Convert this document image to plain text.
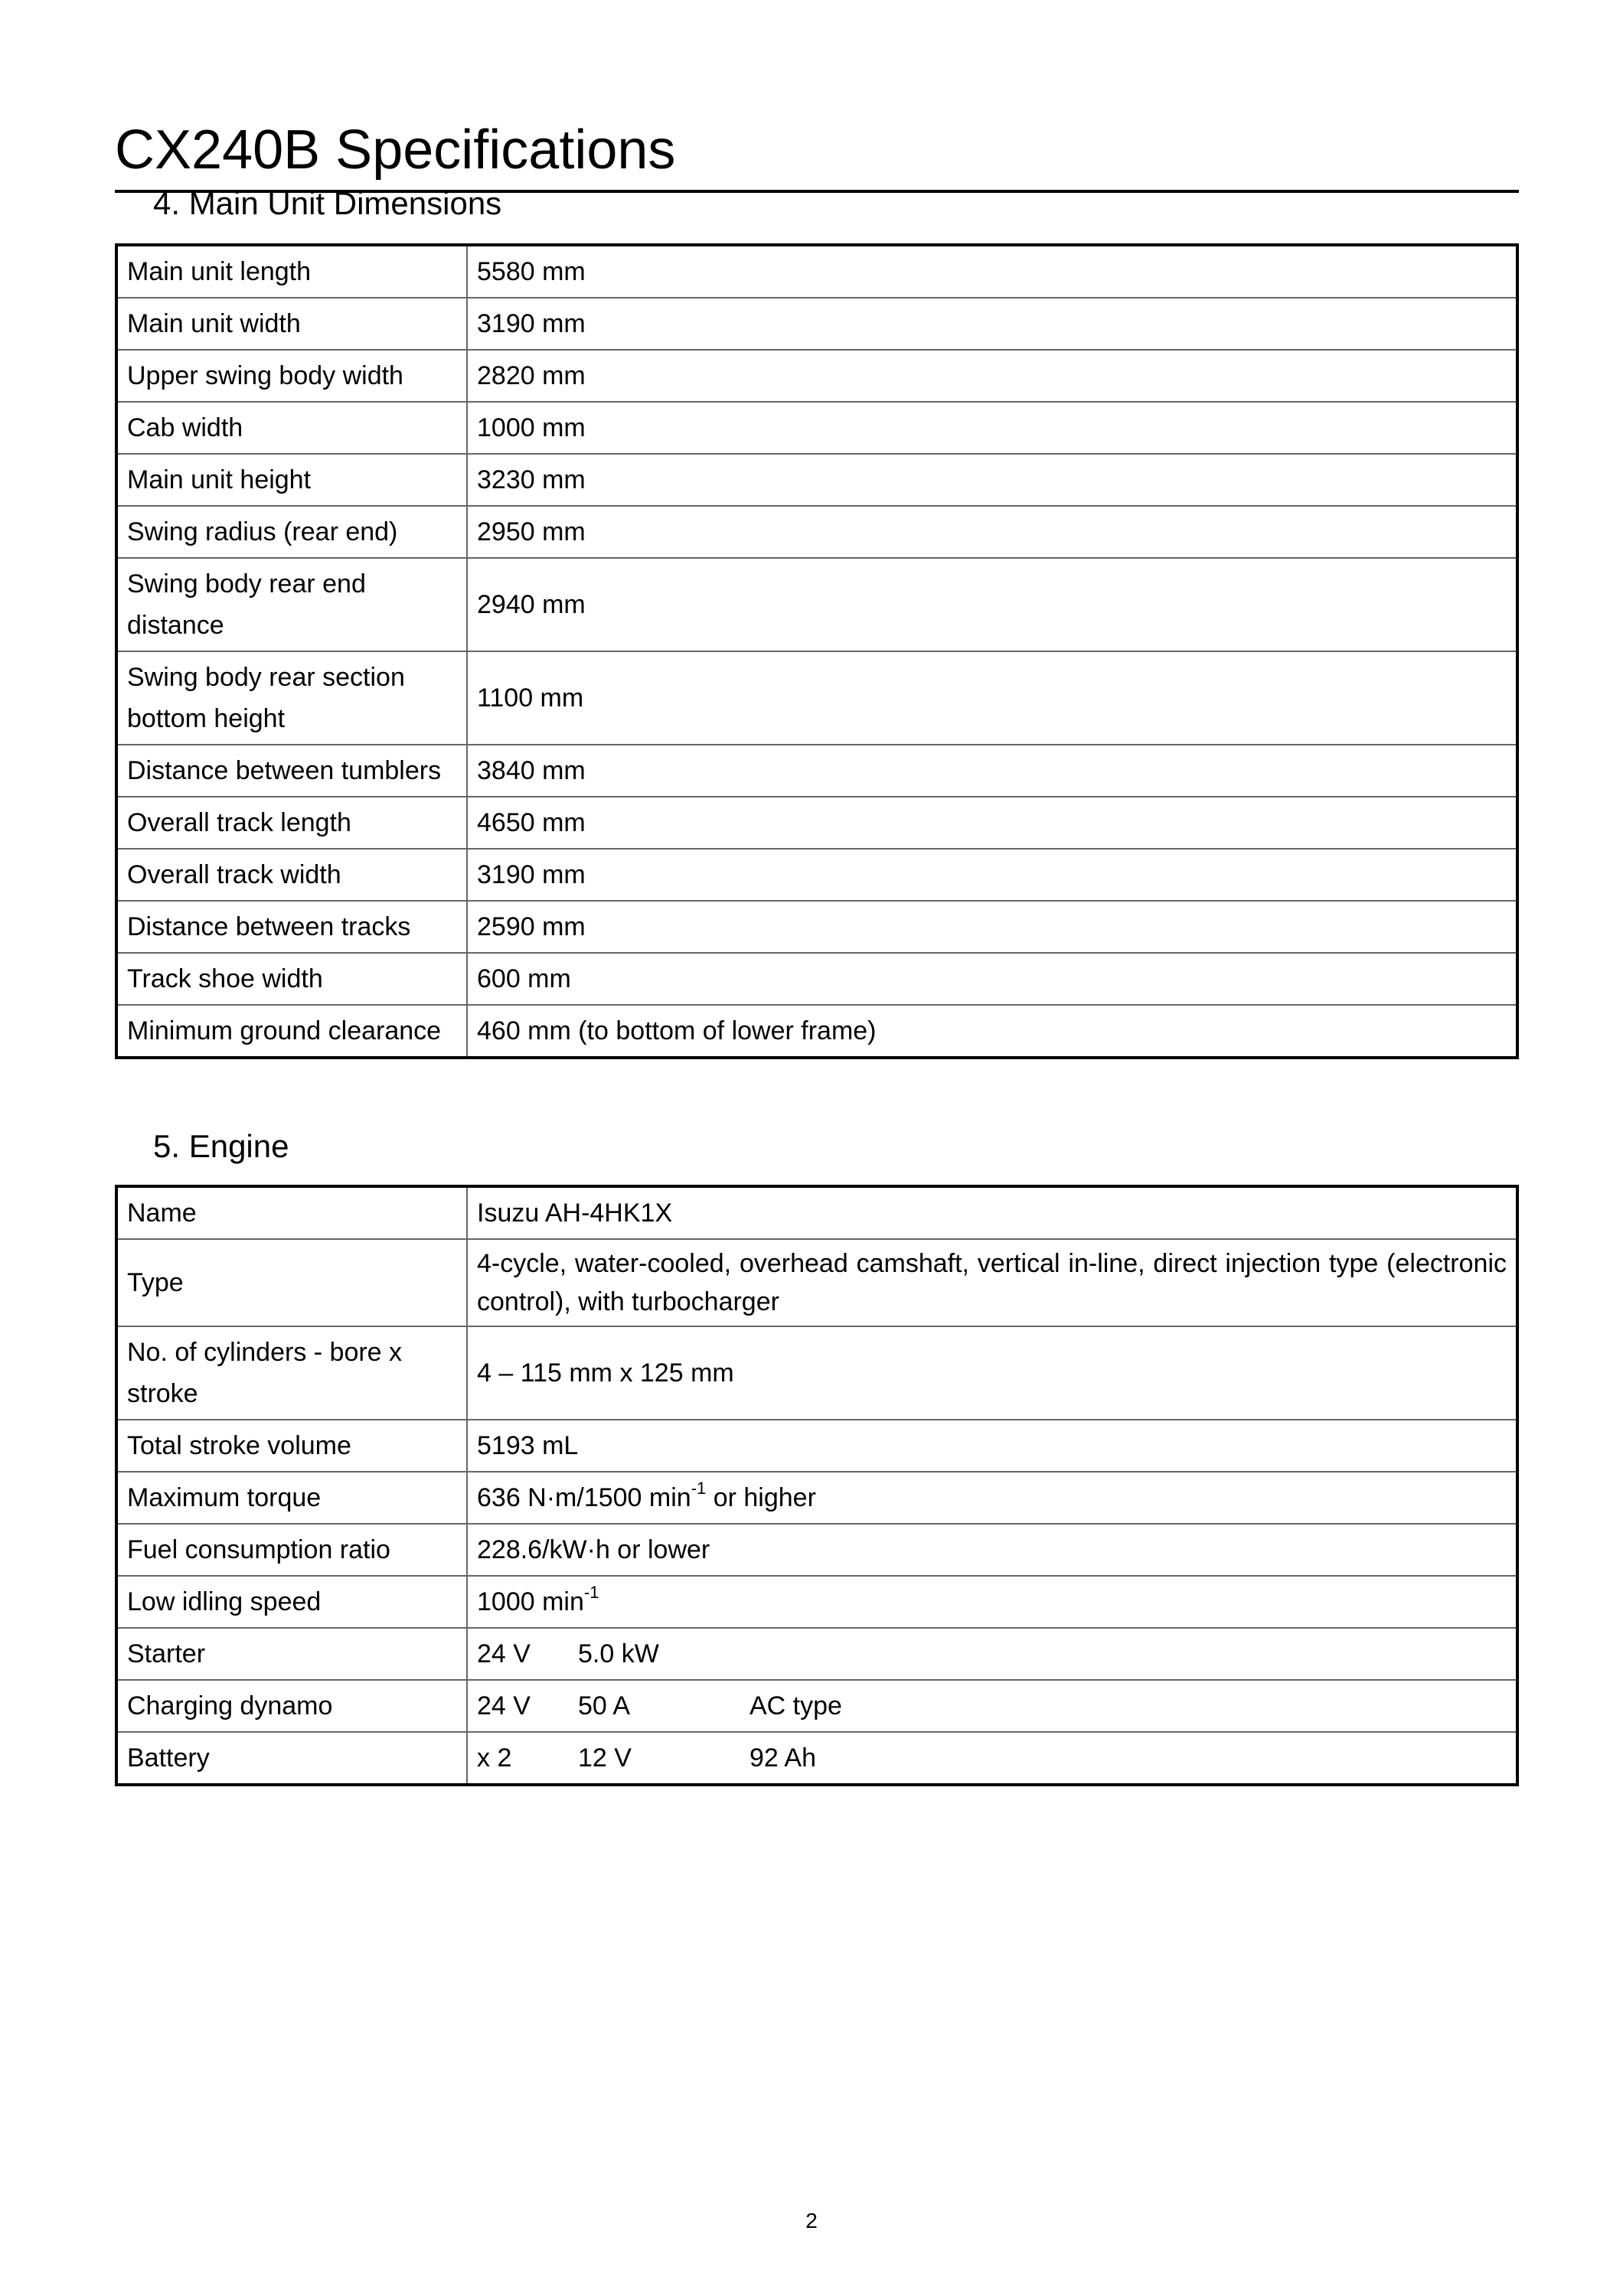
CX240B Specifications
4. Main Unit Dimensions
Main unit length	5580 mm
Main unit width	3190 mm
Upper swing body width	2820 mm
Cab width	1000 mm
Main unit height	3230 mm
Swing radius (rear end)	2950 mm
Swing body rear end distance	2940 mm
Swing body rear section bottom height	1100 mm
Distance between tumblers	3840 mm
Overall track length	4650 mm
Overall track width	3190 mm
Distance between tracks	2590 mm
Track shoe width	600 mm
Minimum ground clearance	460 mm (to bottom of lower frame)
5. Engine
Name	Isuzu AH-4HK1X
Type	4-cycle, water-cooled, overhead camshaft, vertical in-line, direct injection type (electronic control), with turbocharger
No. of cylinders - bore x stroke	4 – 115 mm x 125 mm
Total stroke volume	5193 mL
Maximum torque	636 N·m/1500 $\min^{-1}$ or higher
Fuel consumption ratio	228.6/kW·h or lower
Low idling speed	1000 $\min^{-1}$
Starter	24 V 5.0 kW
Charging dynamo	24 V 50 A AC type
Battery	x 2 12 V 92 Ah
2
